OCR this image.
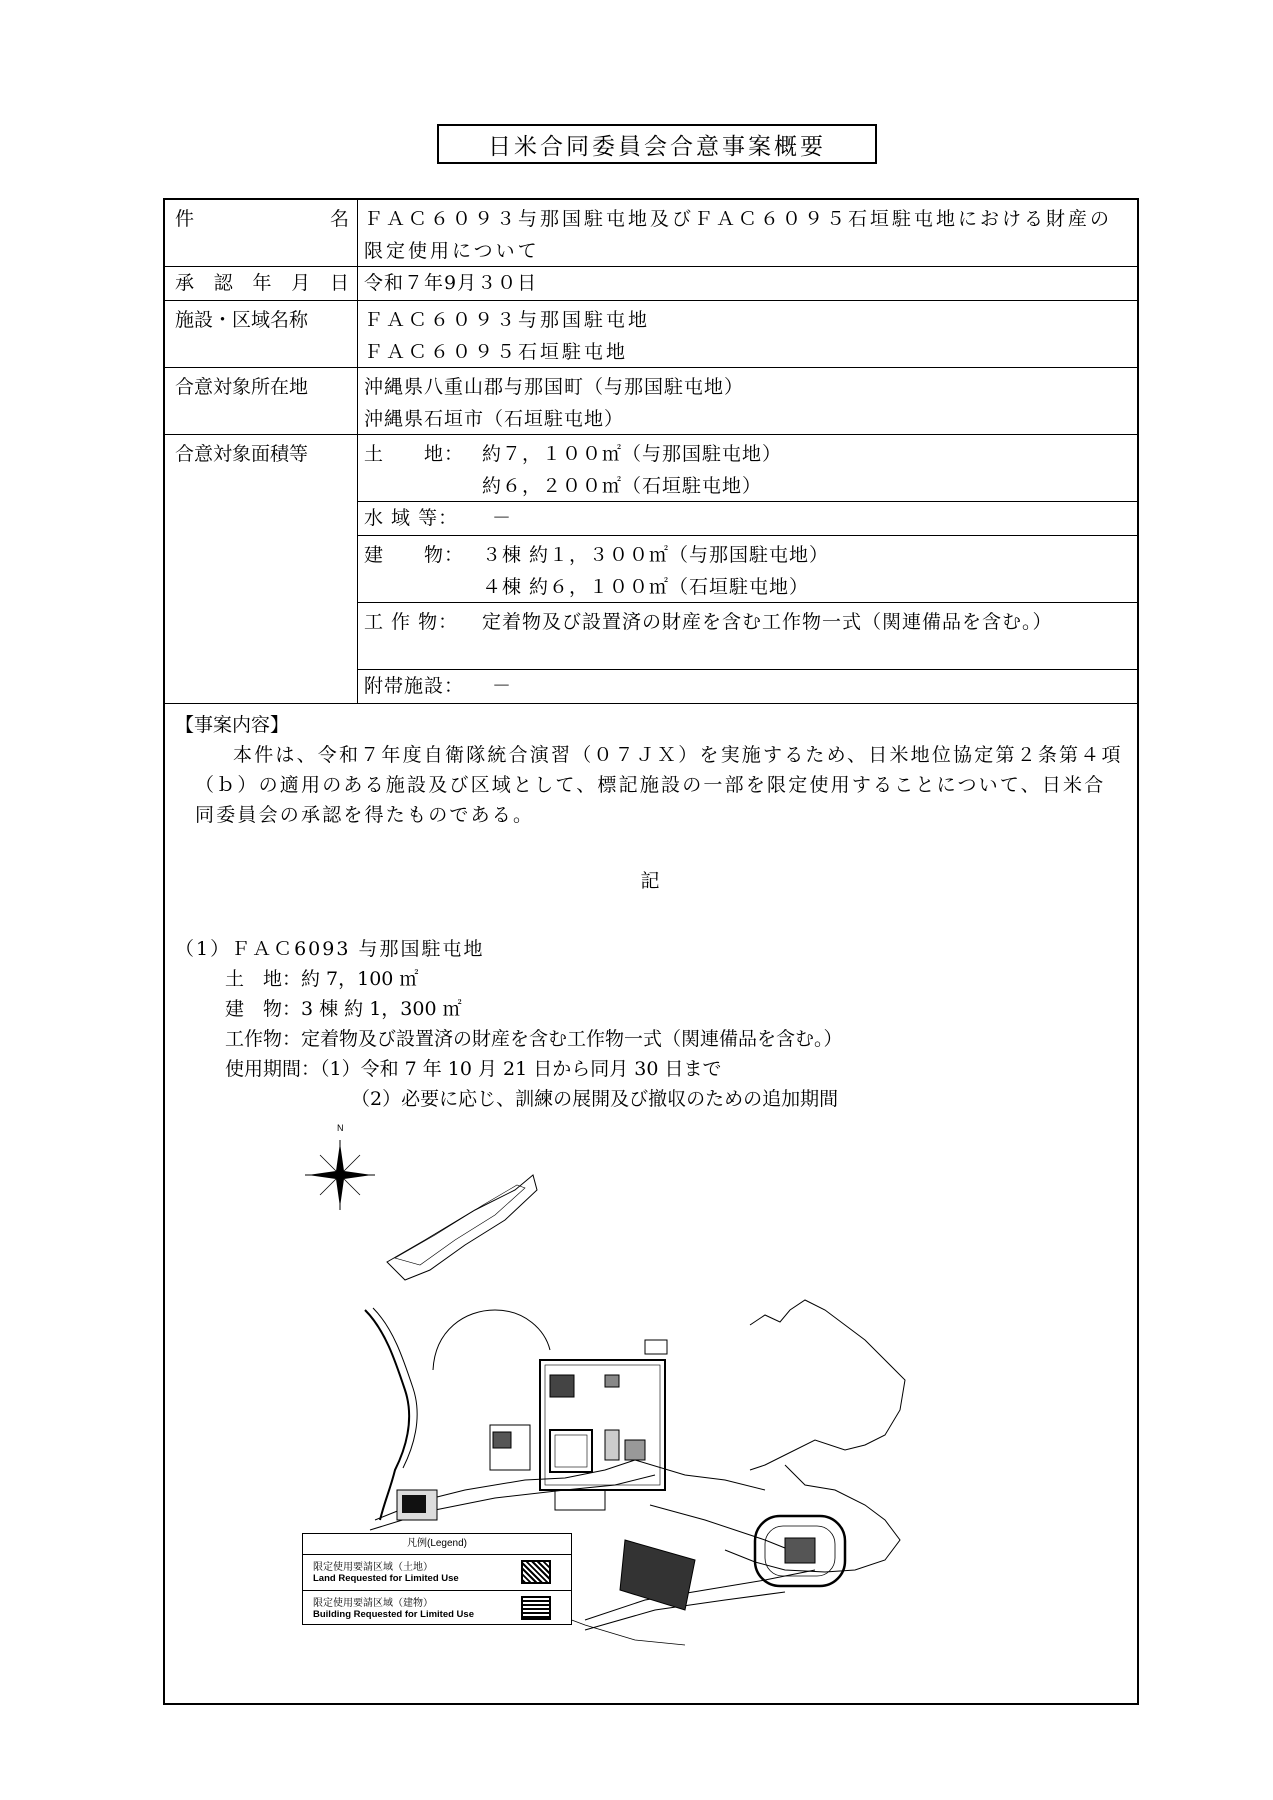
日米合同委員会合意事案概要
件	名 ＦＡＣ６０９３与那国駐屯地及びＦＡＣ６０９５石垣駐屯地における財産の限定使用について
承 認 年 月 日 令和７年9月３０日
施設・区域名称	ＦＡＣ６０９３与那国駐屯地
ＦＡＣ６０９５石垣駐屯地
合意対象所在地	沖縄県八重山郡与那国町（与那国駐屯地）
沖縄県石垣市（石垣駐屯地）
合意対象面積等	土　　地： 約７，１００㎡（与那国駐屯地）
約６，２００㎡（石垣駐屯地）
水 域 等：	－
建　　物： ３棟 約１，３００㎡（与那国駐屯地）
４棟 約６，１００㎡（石垣駐屯地）
工 作 物：	定着物及び設置済の財産を含む工作物一式（関連備品を含む。）
附帯施設：	－

【事案内容】

本件は、令和７年度自衛隊統合演習（０７ＪＸ）を実施するため、日米地位協定第２条第４項（ｂ）の適用のある施設及び区域として、標記施設の一部を限定使用することについて、日米合同委員会の承認を得たものである。

記

（1）ＦＡＣ6093 与那国駐屯地

土　地：約 7，100 ㎡

建　物：3 棟 約 1，300 ㎡

工作物：定着物及び設置済の財産を含む工作物一式（関連備品を含む。）

使用期間：（1）令和 7 年 10 月 21 日から同月 30 日まで

（2）必要に応じ、訓練の展開及び撤収のための追加期間

N
凡例(Legend)
限定使用要請区域（土地）
Land Requested for Limited Use
限定使用要請区域（建物）
Building Requested for Limited Use
